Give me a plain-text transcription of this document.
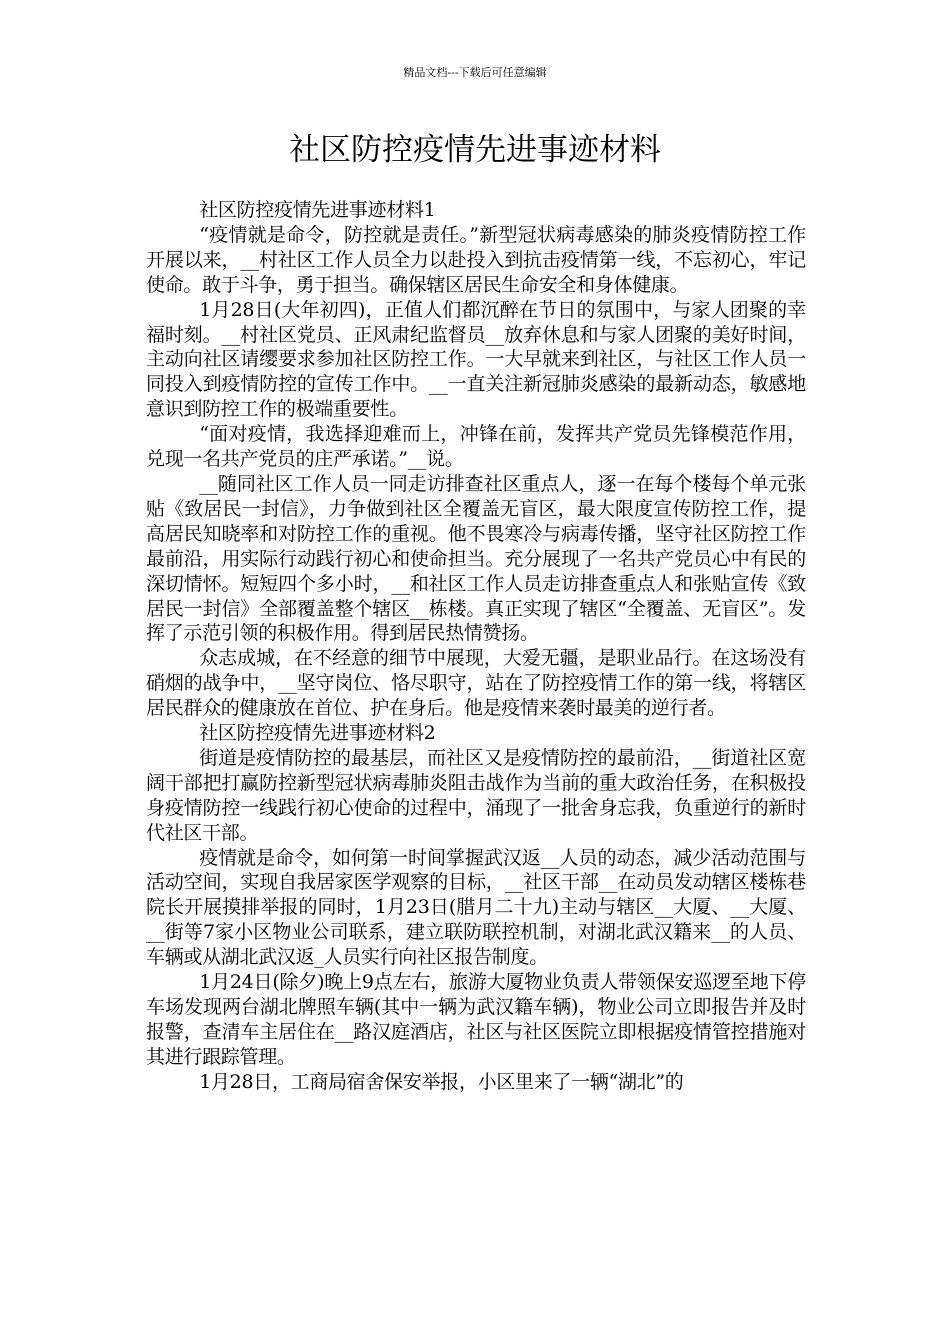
精品文档---下载后可任意编辑
社区防控疫情先进事迹材料

社区防控疫情先进事迹材料1

“疫情就是命令，防控就是责任。”新型冠状病毒感染的肺炎疫情防控工作开展以来，__村社区工作人员全力以赴投入到抗击疫情第一线，不忘初心，牢记使命。敢于斗争，勇于担当。确保辖区居民生命安全和身体健康。

1月28日(大年初四)，正值人们都沉醉在节日的氛围中，与家人团聚的幸福时刻。__村社区党员、正风肃纪监督员__放弃休息和与家人团聚的美好时间，主动向社区请缨要求参加社区防控工作。一大早就来到社区，与社区工作人员一同投入到疫情防控的宣传工作中。__一直关注新冠肺炎感染的最新动态，敏感地意识到防控工作的极端重要性。

“面对疫情，我选择迎难而上，冲锋在前，发挥共产党员先锋模范作用，兑现一名共产党员的庄严承诺。”__说。

__随同社区工作人员一同走访排查社区重点人，逐一在每个楼每个单元张贴《致居民一封信》，力争做到社区全覆盖无盲区，最大限度宣传防控工作，提高居民知晓率和对防控工作的重视。他不畏寒冷与病毒传播，坚守社区防控工作最前沿，用实际行动践行初心和使命担当。充分展现了一名共产党员心中有民的深切情怀。短短四个多小时，__和社区工作人员走访排查重点人和张贴宣传《致居民一封信》全部覆盖整个辖区__栋楼。真正实现了辖区“全覆盖、无盲区”。发挥了示范引领的积极作用。得到居民热情赞扬。

众志成城，在不经意的细节中展现，大爱无疆，是职业品行。在这场没有硝烟的战争中，__坚守岗位、恪尽职守，站在了防控疫情工作的第一线，将辖区居民群众的健康放在首位、护在身后。他是疫情来袭时最美的逆行者。

社区防控疫情先进事迹材料2

街道是疫情防控的最基层，而社区又是疫情防控的最前沿，__街道社区宽阔干部把打赢防控新型冠状病毒肺炎阻击战作为当前的重大政治任务，在积极投身疫情防控一线践行初心使命的过程中，涌现了一批舍身忘我，负重逆行的新时代社区干部。

疫情就是命令，如何第一时间掌握武汉返__人员的动态，减少活动范围与活动空间，实现自我居家医学观察的目标，__社区干部__在动员发动辖区楼栋巷院长开展摸排举报的同时，1月23日(腊月二十九)主动与辖区__大厦、__大厦、__街等7家小区物业公司联系，建立联防联控机制，对湖北武汉籍来__的人员、车辆或从湖北武汉返_人员实行向社区报告制度。

1月24日(除夕)晚上9点左右，旅游大厦物业负责人带领保安巡逻至地下停车场发现两台湖北牌照车辆(其中一辆为武汉籍车辆)，物业公司立即报告并及时报警，查清车主居住在__路汉庭酒店，社区与社区医院立即根据疫情管控措施对其进行跟踪管理。

1月28日，工商局宿舍保安举报，小区里来了一辆“湖北”的
